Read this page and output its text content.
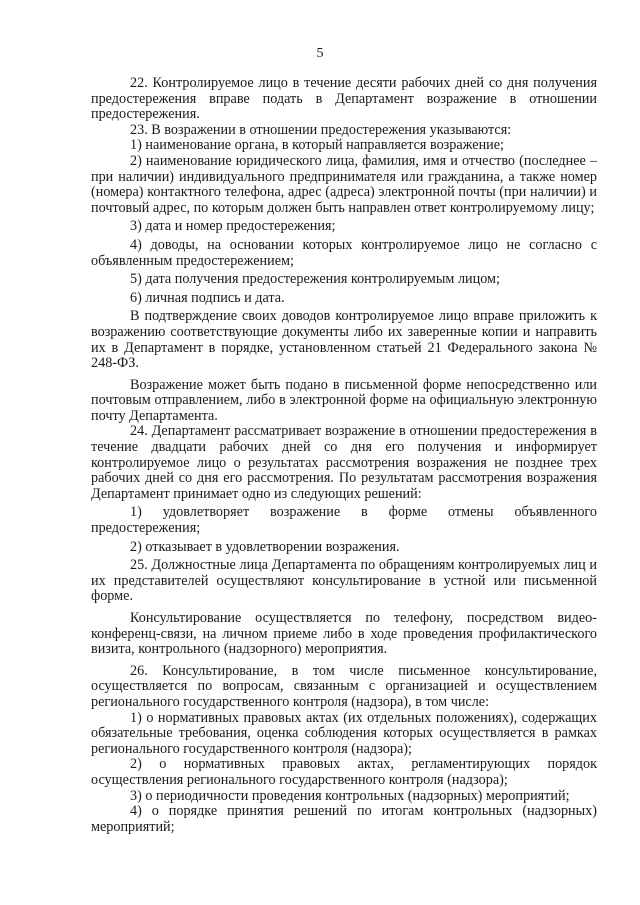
5

22. Контролируемое лицо в течение десяти рабочих дней со дня получения предостережения вправе подать в Департамент возражение в отношении предостережения.

23. В возражении в отношении предостережения указываются:

1) наименование органа, в который направляется возражение;

2) наименование юридического лица, фамилия, имя и отчество (последнее – при наличии) индивидуального предпринимателя или гражданина, а также номер (номера) контактного телефона, адрес (адреса) электронной почты (при наличии) и почтовый адрес, по которым должен быть направлен ответ контролируемому лицу;

3) дата и номер предостережения;

4) доводы, на основании которых контролируемое лицо не согласно с объявленным предостережением;

5) дата получения предостережения контролируемым лицом;

6) личная подпись и дата.

В подтверждение своих доводов контролируемое лицо вправе приложить к возражению соответствующие документы либо их заверенные копии и направить их в Департамент в порядке, установленном статьей 21 Федерального закона № 248-ФЗ.

Возражение может быть подано в письменной форме непосредственно или почтовым отправлением, либо в электронной форме на официальную электронную почту Департамента.

24. Департамент рассматривает возражение в отношении предостережения в течение двадцати рабочих дней со дня его получения и информирует контролируемое лицо о результатах рассмотрения возражения не позднее трех рабочих дней со дня его рассмотрения. По результатам рассмотрения возражения Департамент принимает одно из следующих решений:

1) удовлетворяет возражение в форме отмены объявленного предостережения;

2) отказывает в удовлетворении возражения.

25. Должностные лица Департамента по обращениям контролируемых лиц и их представителей осуществляют консультирование в устной или письменной форме.

Консультирование осуществляется по телефону, посредством видео-конференц-связи, на личном приеме либо в ходе проведения профилактического визита, контрольного (надзорного) мероприятия.

26. Консультирование, в том числе письменное консультирование, осуществляется по вопросам, связанным с организацией и осуществлением регионального государственного контроля (надзора), в том числе:

1) о нормативных правовых актах (их отдельных положениях), содержащих обязательные требования, оценка соблюдения которых осуществляется в рамках регионального государственного контроля (надзора);

2) о нормативных правовых актах, регламентирующих порядок осуществления регионального государственного контроля (надзора);

3) о периодичности проведения контрольных (надзорных) мероприятий;

4) о порядке принятия решений по итогам контрольных (надзорных) мероприятий;
